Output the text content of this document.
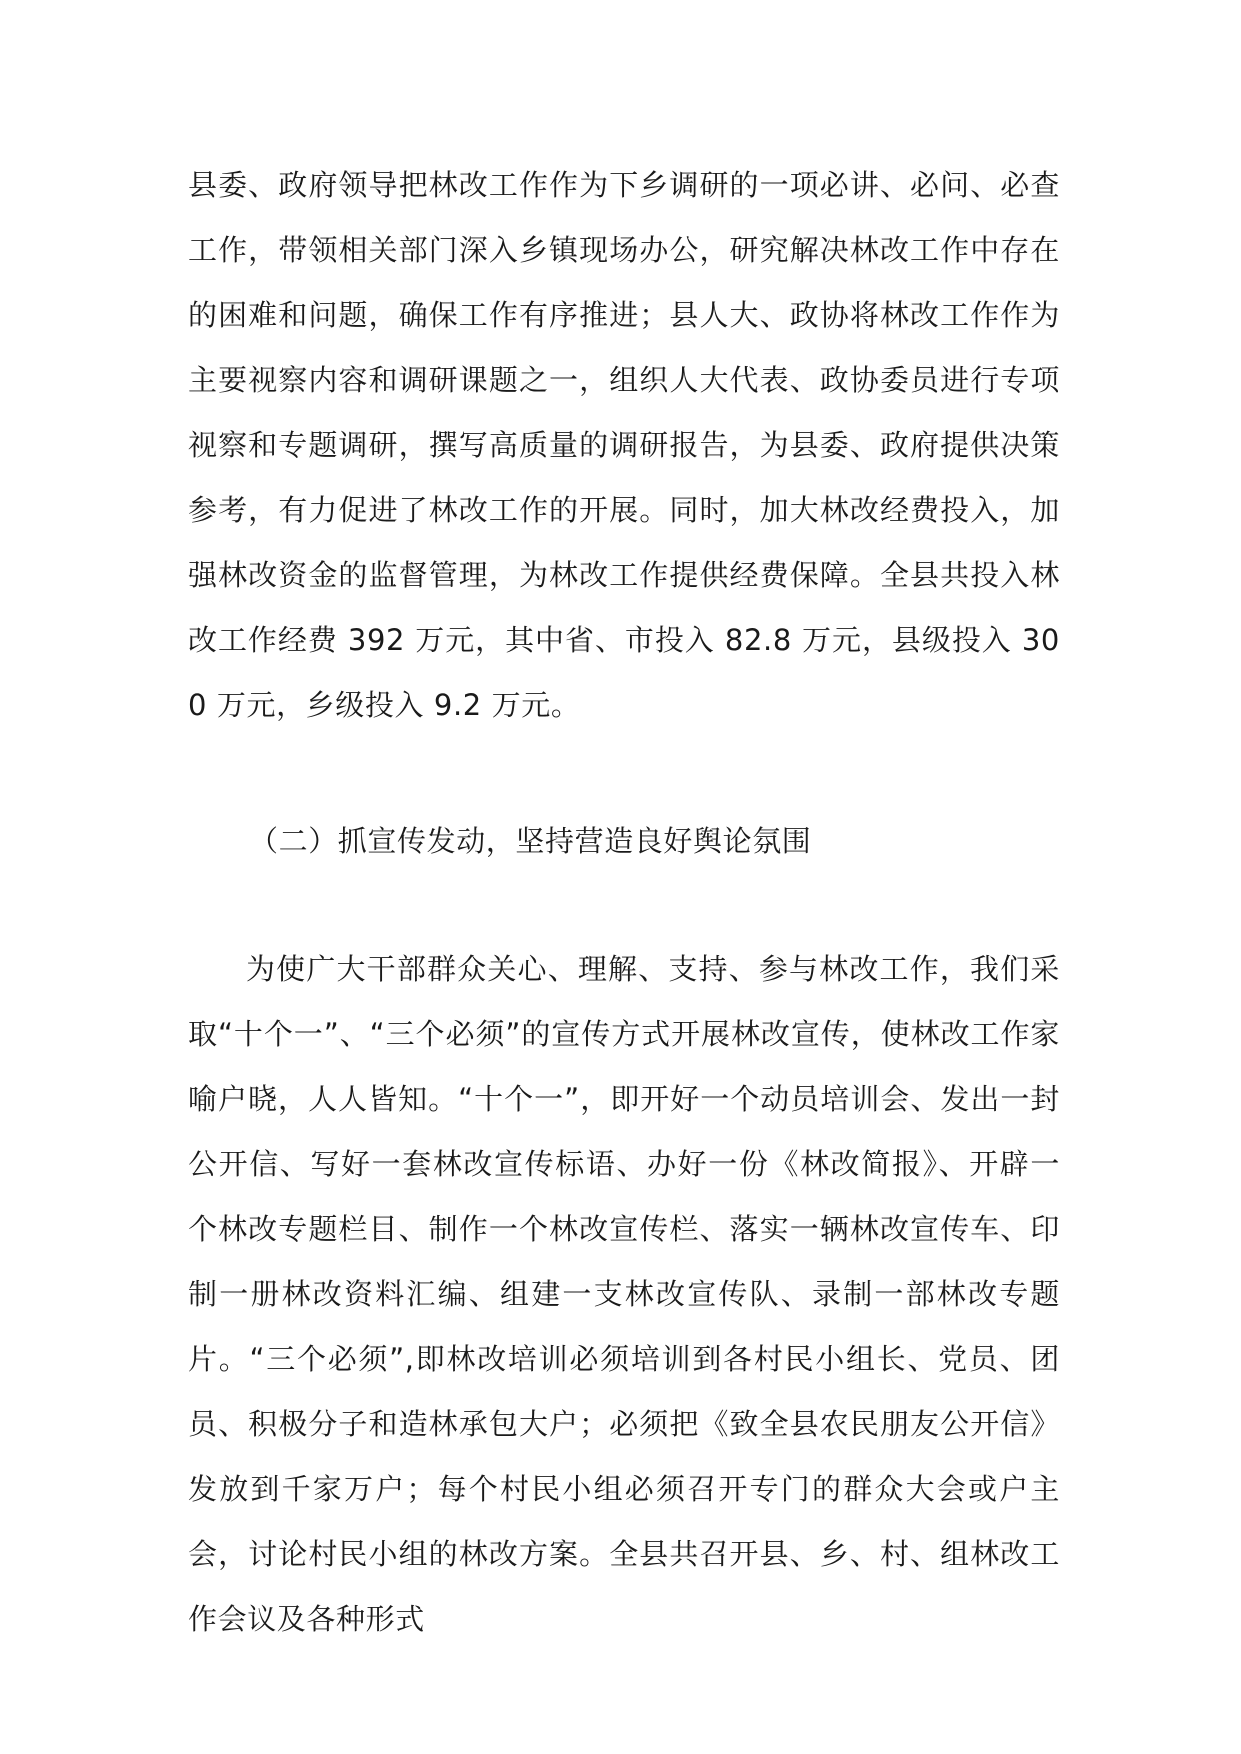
县委、政府领导把林改工作作为下乡调研的一项必讲、必问、必查工作，带领相关部门深入乡镇现场办公，研究解决林改工作中存在的困难和问题，确保工作有序推进；县人大、政协将林改工作作为主要视察内容和调研课题之一，组织人大代表、政协委员进行专项视察和专题调研，撰写高质量的调研报告，为县委、政府提供决策参考，有力促进了林改工作的开展。同时，加大林改经费投入，加强林改资金的监督管理，为林改工作提供经费保障。全县共投入林改工作经费 392 万元，其中省、市投入 82.8 万元，县级投入 300 万元，乡级投入 9.2 万元。

（二）抓宣传发动，坚持营造良好舆论氛围

为使广大干部群众关心、理解、支持、参与林改工作，我们采取“十个一”、“三个必须”的宣传方式开展林改宣传，使林改工作家喻户晓，人人皆知。“十个一”，即开好一个动员培训会、发出一封公开信、写好一套林改宣传标语、办好一份《林改简报》、开辟一个林改专题栏目、制作一个林改宣传栏、落实一辆林改宣传车、印制一册林改资料汇编、组建一支林改宣传队、录制一部林改专题片。“三个必须”,即林改培训必须培训到各村民小组长、党员、团员、积极分子和造林承包大户；必须把《致全县农民朋友公开信》发放到千家万户；每个村民小组必须召开专门的群众大会或户主会，讨论村民小组的林改方案。全县共召开县、乡、村、组林改工作会议及各种形式
